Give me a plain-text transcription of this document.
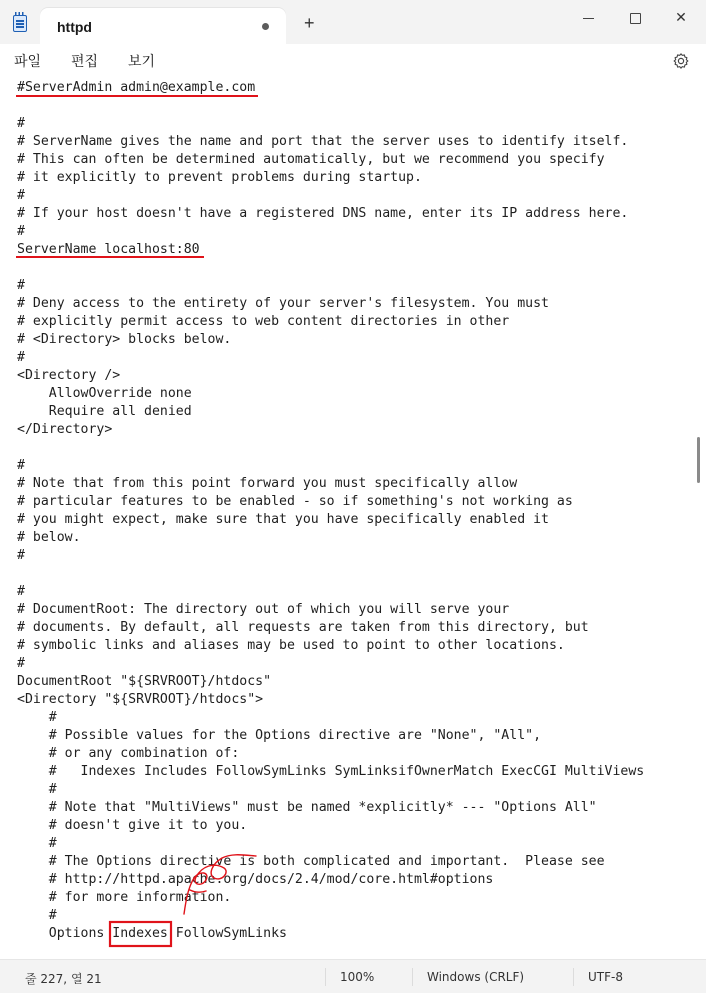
httpd	+	✕
파일 편집 보기
#ServerAdmin admin@example.com
#
# ServerName gives the name and port that the server uses to identify itself.
# This can often be determined automatically, but we recommend you specify
# it explicitly to prevent problems during startup.
#
# If your host doesn't have a registered DNS name, enter its IP address here.
#
ServerName localhost:80
#
# Deny access to the entirety of your server's filesystem. You must
# explicitly permit access to web content directories in other
# <Directory> blocks below.
#
<Directory />
AllowOverride none
Require all denied
</Directory>
#
# Note that from this point forward you must specifically allow
# particular features to be enabled - so if something's not working as
# you might expect, make sure that you have specifically enabled it
# below.
#
#
# DocumentRoot: The directory out of which you will serve your
# documents. By default, all requests are taken from this directory, but
# symbolic links and aliases may be used to point to other locations.
#
DocumentRoot "${SRVROOT}/htdocs"
<Directory "${SRVROOT}/htdocs">
#
# Possible values for the Options directive are "None", "All",
# or any combination of:
#   Indexes Includes FollowSymLinks SymLinksifOwnerMatch ExecCGI MultiViews
#
# Note that "MultiViews" must be named *explicitly* --- "Options All"
# doesn't give it to you.
#
# The Options directive is both complicated and important.  Please see
# http://httpd.apache.org/docs/2.4/mod/core.html#options
# for more information.
#
Options Indexes FollowSymLinks
줄 227, 열 21	100%	Windows (CRLF)	UTF-8
